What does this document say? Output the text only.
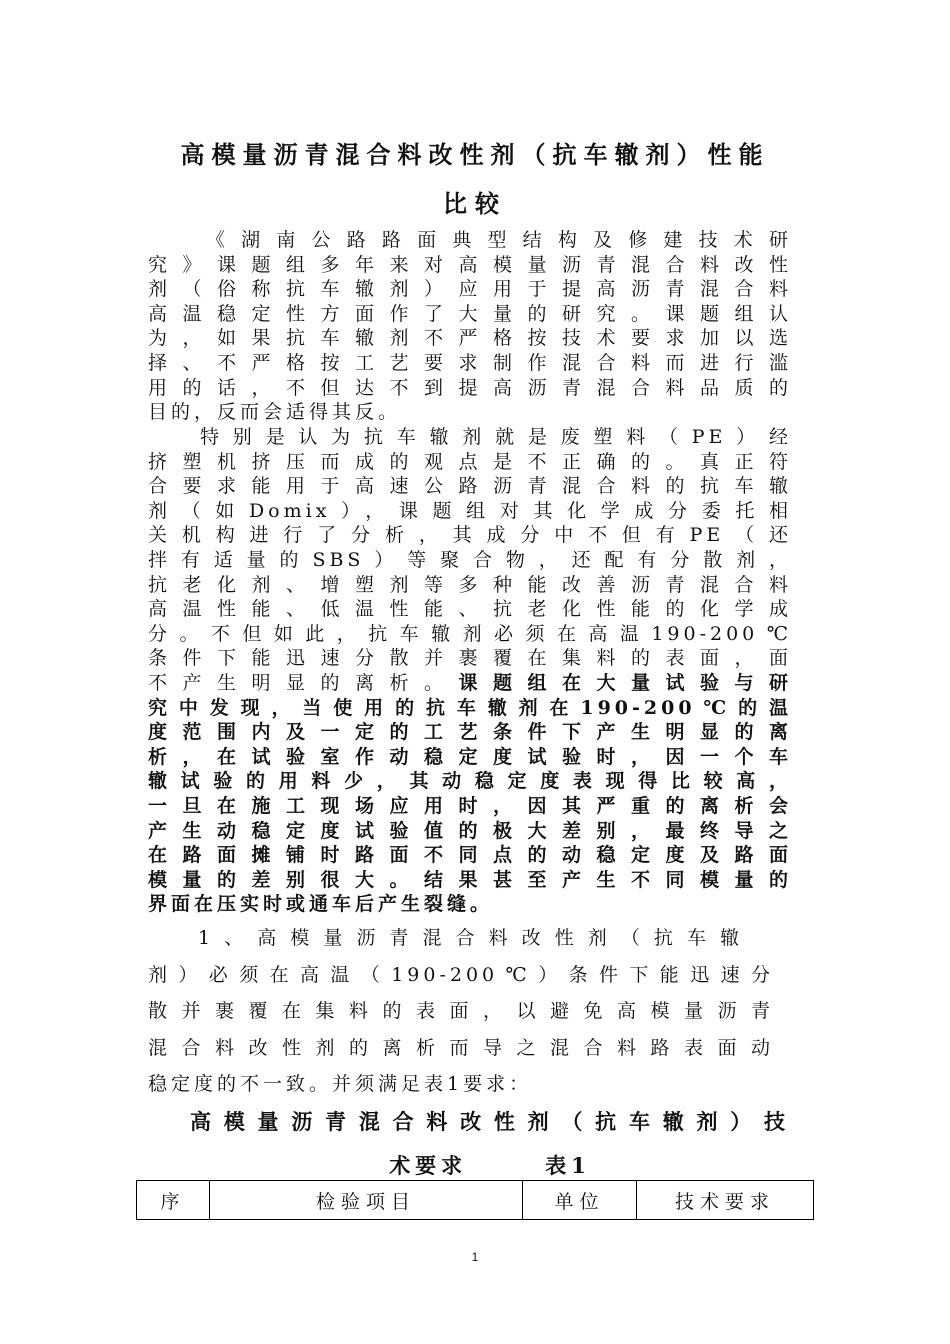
高模量沥青混合料改性剂（抗车辙剂）性能
比较
《湖南公路路面典型结构及修建技术研
究》课题组多年来对高模量沥青混合料改性
剂（俗称抗车辙剂）应用于提高沥青混合料
高温稳定性方面作了大量的研究。课题组认
为，如果抗车辙剂不严格按技术要求加以选
择、不严格按工艺要求制作混合料而进行滥
用的话，不但达不到提高沥青混合料品质的
目的，反而会适得其反。
特别是认为抗车辙剂就是废塑料（PE）经
挤塑机挤压而成的观点是不正确的。真正符
合要求能用于高速公路沥青混合料的抗车辙
剂（如Domix），课题组对其化学成分委托相
关机构进行了分析，其成分中不但有PE（还
拌有适量的SBS）等聚合物，还配有分散剂，
抗老化剂、增塑剂等多种能改善沥青混合料
高温性能、低温性能、抗老化性能的化学成
分。不但如此，抗车辙剂必须在高温190-200℃
条件下能迅速分散并裹覆在集料的表面，面
不产生明显的离析。课题组在大量试验与研
究中发现，当使用的抗车辙剂在190-200℃的温
度范围内及一定的工艺条件下产生明显的离
析，在试验室作动稳定度试验时，因一个车
辙试验的用料少，其动稳定度表现得比较高，
一旦在施工现场应用时，因其严重的离析会
产生动稳定度试验值的极大差别，最终导之
在路面摊铺时路面不同点的动稳定度及路面
模量的差别很大。结果甚至产生不同模量的
界面在压实时或通车后产生裂缝。
1、高模量沥青混合料改性剂（抗车辙
剂）必须在高温（190-200℃）条件下能迅速分
散并裹覆在集料的表面，以避免高模量沥青
混合料改性剂的离析而导之混合料路表面动
稳定度的不一致。并须满足表1要求：
高模量沥青混合料改性剂（抗车辙剂）技
术要求　　　表1
序	检验项目	单位	技术要求
1
